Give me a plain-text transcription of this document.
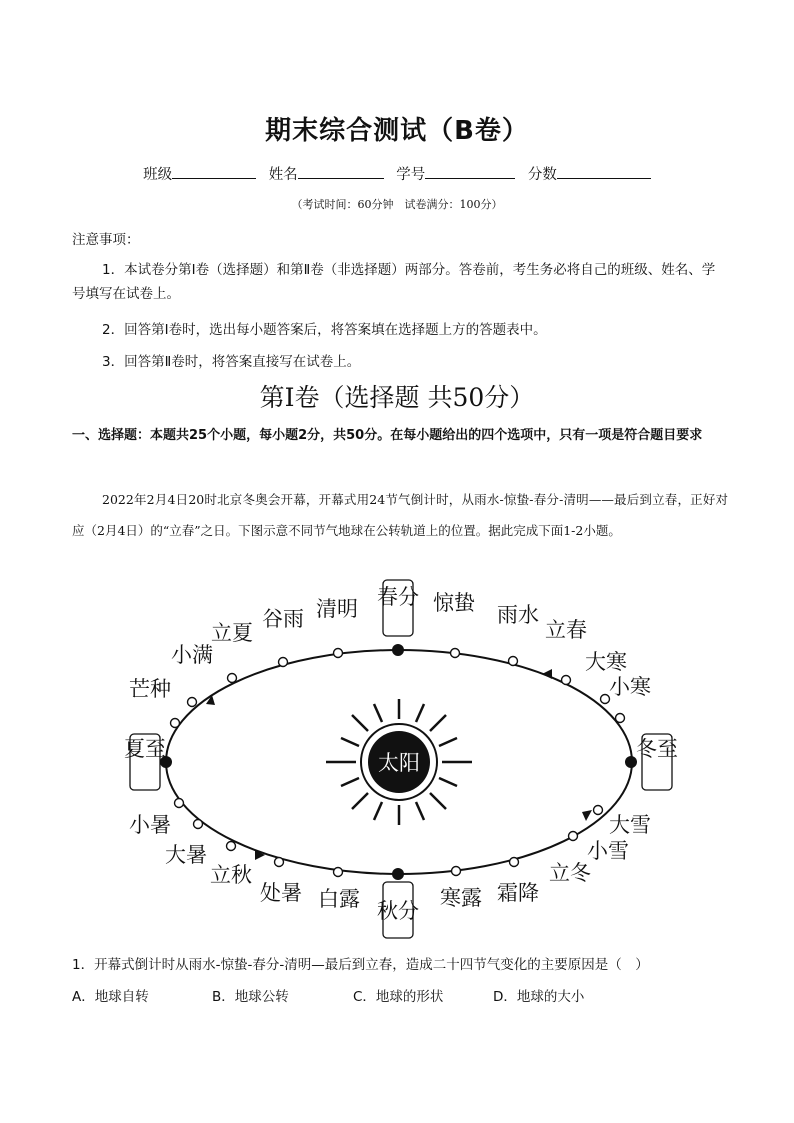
期末综合测试（B卷）
班级	姓名	学号	分数
（考试时间：60分钟　试卷满分：100分）
注意事项：
1．本试卷分第Ⅰ卷（选择题）和第Ⅱ卷（非选择题）两部分。答卷前，考生务必将自己的班级、姓名、学号填写在试卷上。
2．回答第Ⅰ卷时，选出每小题答案后，将答案填在选择题上方的答题表中。
3．回答第Ⅱ卷时，将答案直接写在试卷上。
第Ⅰ卷（选择题 共50分）
一、选择题：本题共25个小题，每小题2分，共50分。在每小题给出的四个选项中，只有一项是符合题目要求
2022年2月4日20时北京冬奥会开幕，开幕式用24节气倒计时，从雨水-惊蛰-春分-清明——最后到立春，正好对应（2月4日）的“立春”之日。下图示意不同节气地球在公转轨道上的位置。据此完成下面1-2小题。
太阳
春分 惊蛰 雨水
立春
大寒
小寒
冬至
大雪
小雪
立冬
霜降
寒露
秋分
白露
处暑
立秋
大暑
小暑
夏至
芒种
小满
立夏
谷雨 清明
1．开幕式倒计时从雨水-惊蛰-春分-清明—最后到立春，造成二十四节气变化的主要原因是（　）
A．地球自转	B．地球公转	C．地球的形状	D．地球的大小
